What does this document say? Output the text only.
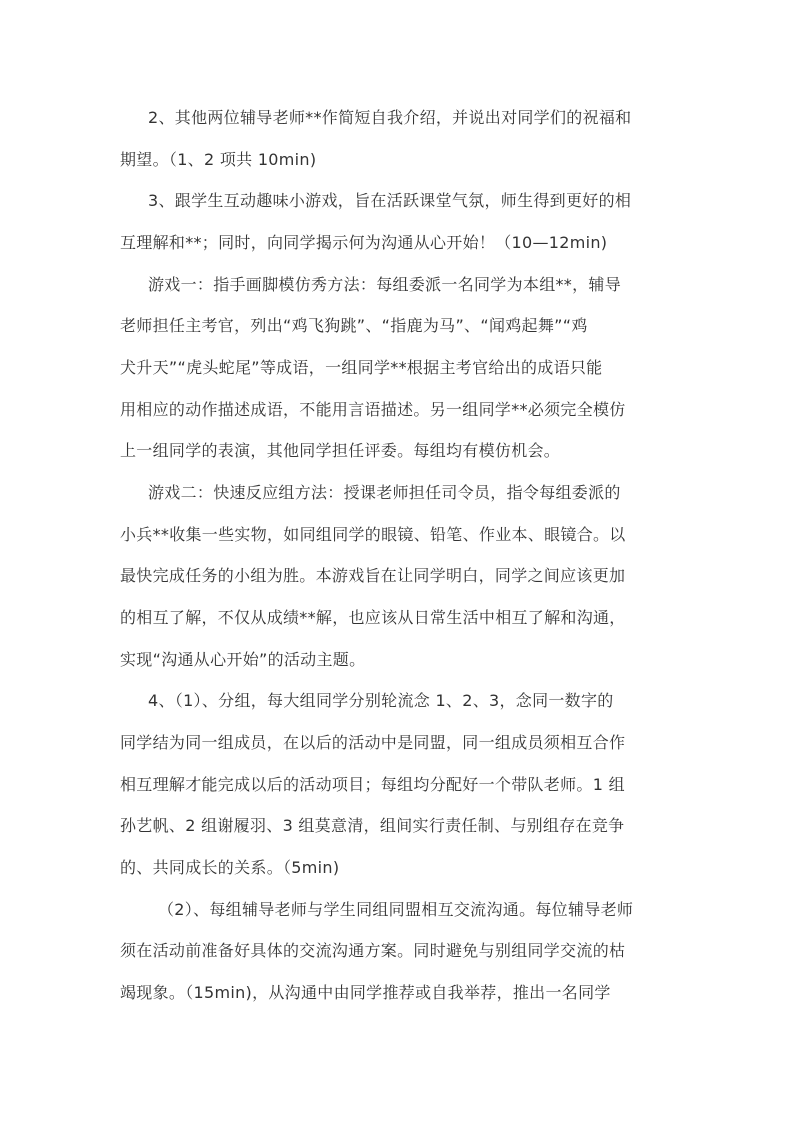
2、其他两位辅导老师**作简短自我介绍，并说出对同学们的祝福和
期望。（1、2 项共 10min)
3、跟学生互动趣味小游戏，旨在活跃课堂气氛，师生得到更好的相
互理解和**；同时，向同学揭示何为沟通从心开始！（10—12min)
游戏一：指手画脚模仿秀方法：每组委派一名同学为本组**，辅导
老师担任主考官，列出“鸡飞狗跳”、“指鹿为马”、“闻鸡起舞”“鸡
犬升天”“虎头蛇尾”等成语，一组同学**根据主考官给出的成语只能
用相应的动作描述成语，不能用言语描述。另一组同学**必须完全模仿
上一组同学的表演，其他同学担任评委。每组均有模仿机会。
游戏二：快速反应组方法：授课老师担任司令员，指令每组委派的
小兵**收集一些实物，如同组同学的眼镜、铅笔、作业本、眼镜合。以
最快完成任务的小组为胜。本游戏旨在让同学明白，同学之间应该更加
的相互了解，不仅从成绩**解，也应该从日常生活中相互了解和沟通，
实现“沟通从心开始”的活动主题。
4、（1）、分组，每大组同学分别轮流念 1、2、3，念同一数字的
同学结为同一组成员，在以后的活动中是同盟，同一组成员须相互合作
相互理解才能完成以后的活动项目；每组均分配好一个带队老师。1 组
孙艺帆、2 组谢履羽、3 组莫意清，组间实行责任制、与别组存在竞争
的、共同成长的关系。（5min)
（2）、每组辅导老师与学生同组同盟相互交流沟通。每位辅导老师
须在活动前准备好具体的交流沟通方案。同时避免与别组同学交流的枯
竭现象。（15min)，从沟通中由同学推荐或自我举荐，推出一名同学
